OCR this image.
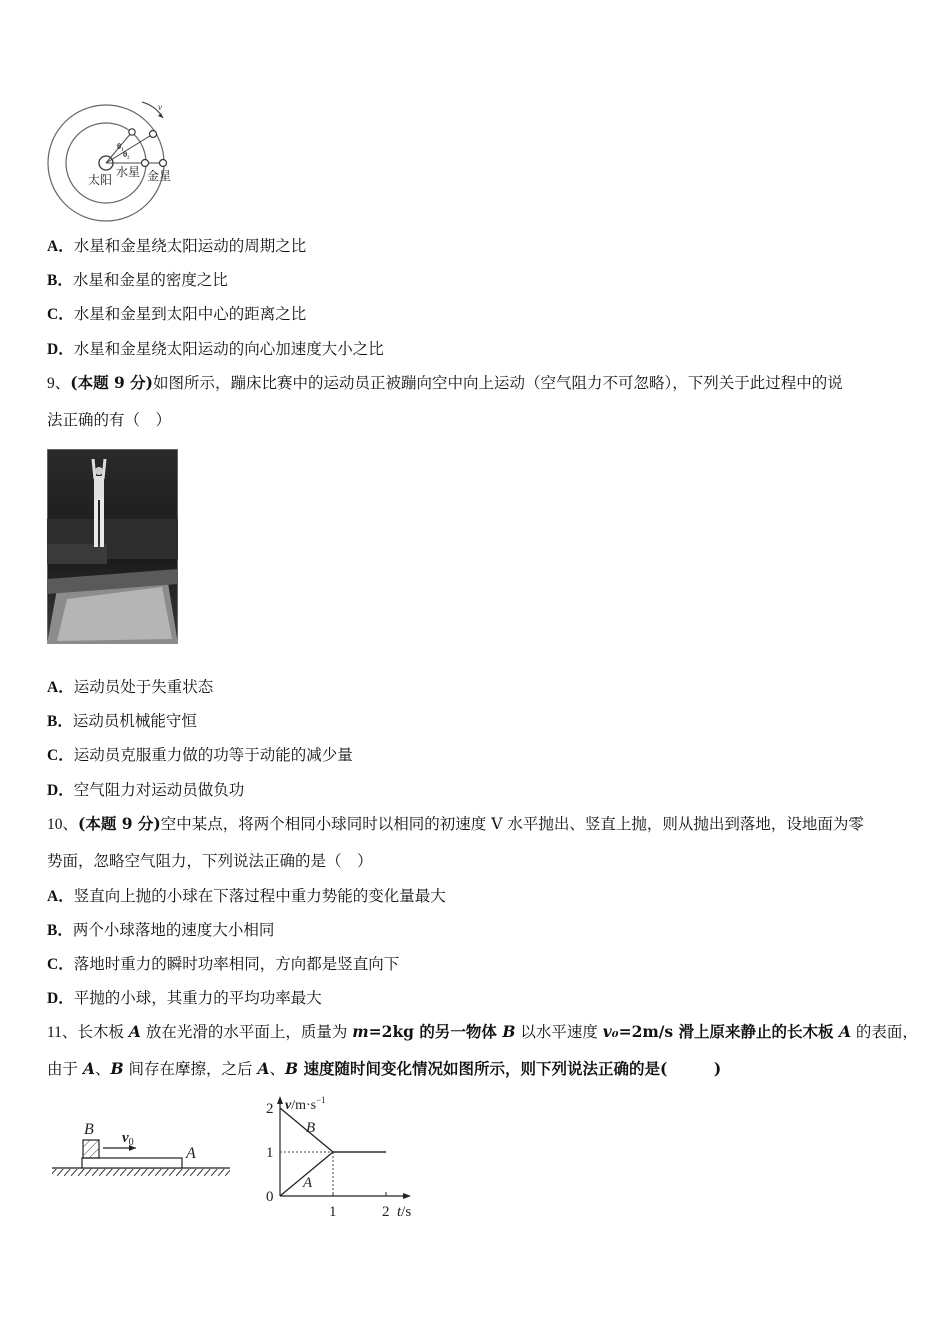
v
θ₁
θ₂
太阳
水星 金星
A．水星和金星绕太阳运动的周期之比
B．水星和金星的密度之比
C．水星和金星到太阳中心的距离之比
D．水星和金星绕太阳运动的向心加速度大小之比
9、(本题 9 分)如图所示，蹦床比赛中的运动员正被蹦向空中向上运动（空气阻力不可忽略），下列关于此过程中的说
法正确的有（　）
A．运动员处于失重状态
B．运动员机械能守恒
C．运动员克服重力做的功等于动能的减少量
D．空气阻力对运动员做负功
10、(本题 9 分)空中某点，将两个相同小球同时以相同的初速度 V 水平抛出、竖直上抛，则从抛出到落地，设地面为零
势面，忽略空气阻力，下列说法正确的是（　）
A．竖直向上抛的小球在下落过程中重力势能的变化量最大
B．两个小球落地的速度大小相同
C．落地时重力的瞬时功率相同，方向都是竖直向下
D．平抛的小球，其重力的平均功率最大
11、长木板 A 放在光滑的水平面上，质量为 m=2kg 的另一物体 B 以水平速度 v₀=2m/s 滑上原来静止的长木板 A 的表面，
由于 A、B 间存在摩擦，之后 A、B 速度随时间变化情况如图所示，则下列说法正确的是(　　　)
B
A
$v_0$
$v/m\cdot s^{-1}$
t/s
2
1
0
1	2
B
A
